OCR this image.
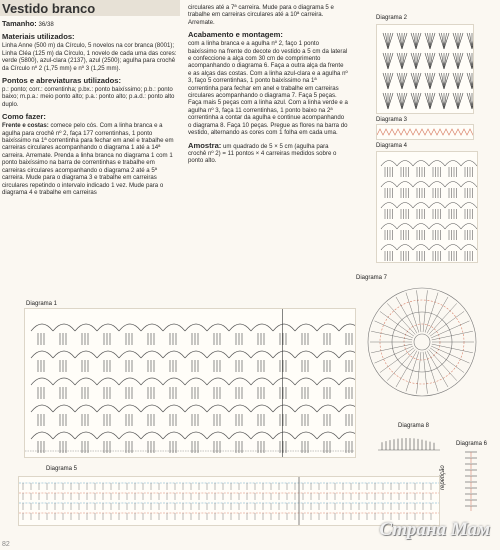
Vestido branco

Tamanho: 36/38

Materiais utilizados:
Linha Anne (500 m) da Círculo, 5 novelos na cor branca (8001); Linha Cléa (125 m) da Círculo, 1 novelo de cada uma das cores: verde (5800), azul-clara (2137), azul (2500); agulha para crochê da Círculo nº 2 (1,75 mm) e nº 3 (1,25 mm).

Pontos e abreviaturas utilizados:
p.: ponto; corr.: correntinha; p.bx.: ponto baixíssimo; p.b.: ponto baixo; m.p.a.: meio ponto alto; p.a.: ponto alto; p.a.d.: ponto alto duplo.

Como fazer:
Frente e costas: comece pelo cós. Com a linha branca e a agulha para crochê nº 2, faça 177 correntinhas, 1 ponto baixíssimo na 1ª correntinha para fechar em anel e trabalhe em carreiras circulares acompanhando o diagrama 1 até a 14ª carreira. Arremate. Prenda a linha branca no diagrama 1 com 1 ponto baixíssimo na barra de correntinhas e trabalhe em carreiras circulares acompanhando o diagrama 2 até a 5ª carreira. Mude para o diagrama 3 e trabalhe em carreiras circulares repetindo o intervalo indicado 1 vez. Mude para o diagrama 4 e trabalhe em carreiras

circulares até a 7ª carreira. Mude para o diagrama 5 e trabalhe em carreiras circulares até a 10ª carreira. Arremate.

Acabamento e montagem:
com a linha branca e a agulha nº 2, faço 1 ponto baixíssimo na frente do decote do vestido a 5 cm da lateral e confeccione a alça com 30 cm de comprimento acompanhando o diagrama 6. Faça a outra alça da frente e as alças das costas. Com a linha azul-clara e a agulha nº 3, faço 5 correntinhas, 1 ponto baixíssimo na 1ª correntinha para fechar em anel e trabalhe em carreiras circulares acompanhando o diagrama 7. Faça 5 peças. Faça mais 5 peças com a linha azul. Com a linha verde e a agulha nº 3, faça 11 correntinhas, 1 ponto baixo na 2ª correntinha a contar da agulha e continue acompanhando o diagrama 8. Faça 10 peças. Pregue as flores na barra do vestido, alternando as cores com 1 folha em cada uma.

Amostra: um quadrado de 5 × 5 cm (agulha para crochê nº 2) = 11 pontos × 4 carreiras medidos sobre o ponto alto.

Diagrama 2
Diagrama 3
Diagrama 4
Diagrama 7
Diagrama 8
Diagrama 6
repetição
Diagrama 1
Diagrama 5
Страна Мам
82
